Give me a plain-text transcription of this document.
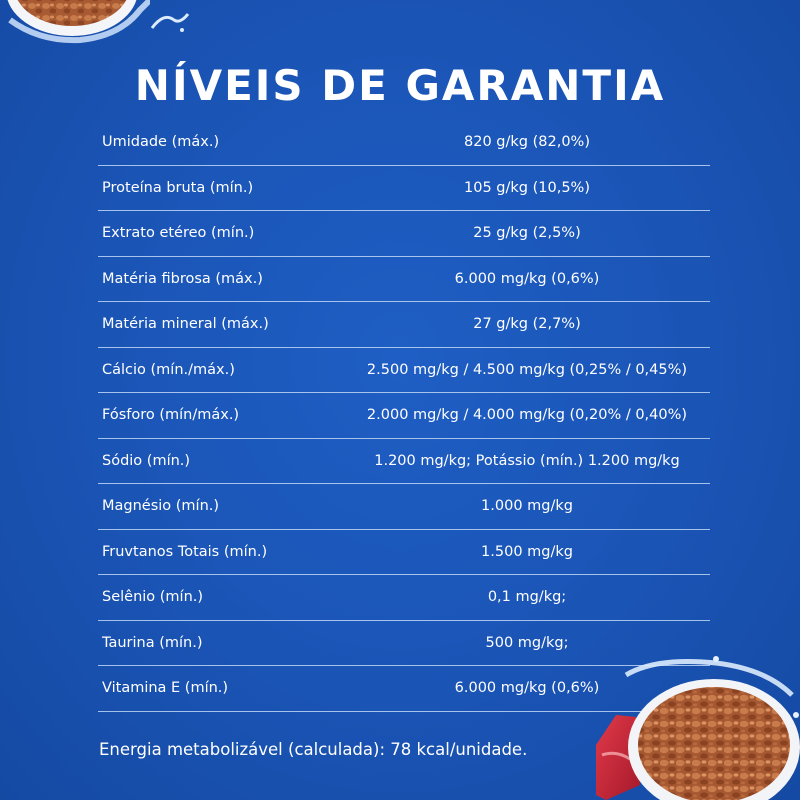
NÍVEIS DE GARANTIA
Umidade (máx.)	820 g/kg (82,0%)
Proteína bruta (mín.)	105 g/kg (10,5%)
Extrato etéreo (mín.)	25 g/kg (2,5%)
Matéria fibrosa (máx.)	6.000 mg/kg (0,6%)
Matéria mineral (máx.)	27 g/kg (2,7%)
Cálcio (mín./máx.)	2.500 mg/kg / 4.500 mg/kg (0,25% / 0,45%)
Fósforo (mín/máx.)	2.000 mg/kg / 4.000 mg/kg (0,20% / 0,40%)
Sódio (mín.)	1.200 mg/kg; Potássio (mín.) 1.200 mg/kg
Magnésio (mín.)	1.000 mg/kg
Fruvtanos Totais (mín.)	1.500 mg/kg
Selênio (mín.)	0,1 mg/kg;
Taurina (mín.)	500 mg/kg;
Vitamina E (mín.)	6.000 mg/kg (0,6%)
Energia metabolizável (calculada): 78 kcal/unidade.
